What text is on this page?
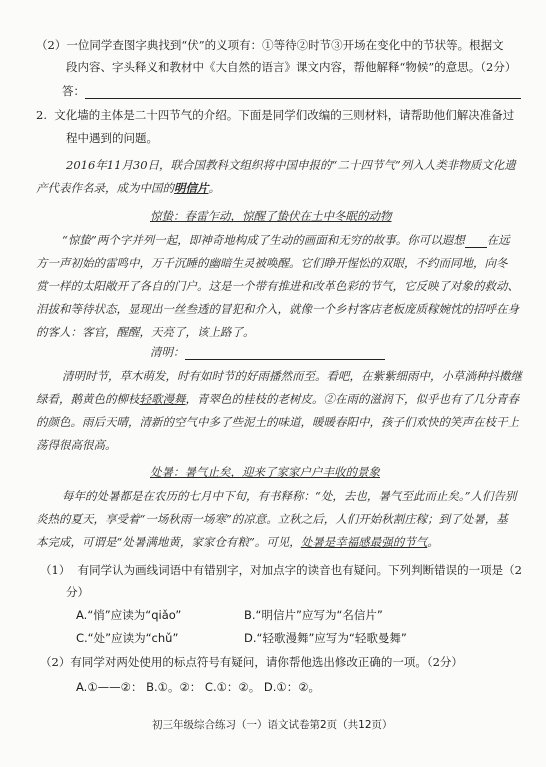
（2）一位同学查图字典找到“伏”的义项有：①等待②时节③开场在变化中的节状等。根据文
段内容、字头释义和教材中《大自然的语言》课文内容，帮他解释“物候”的意思。（2分）
答：
2. 文化墙的主体是二十四节气的介绍。下面是同学们改编的三则材料，请帮助他们解决准备过
程中遇到的问题。
2016年11月30日，联合国教科文组织将中国申报的“二十四节气”列入人类非物质文化遗
产代表作名录，成为中国的明信片。
惊蛰：春雷乍动，惊醒了蛰伏在土中冬眠的动物
“惊蛰”两个字并列一起，即神奇地构成了生动的画面和无穷的故事。你可以遐想 在远
方一声初始的雷鸣中，万千沉睡的幽暗生灵被唤醒。它们睁开惺忪的双眼，不约而同地，向冬
赏一样的太阳敞开了各自的门户。这是一个带有推进和改革色彩的节气，它反映了对象的救动、
泪拔和等待状态，显现出一丝叁透的冒犯和介入，就像一个乡村客店老板庞质稼婉忱的招呼在身
的客人：客官，醒醒，天亮了，该上路了。
清明：
清明时节，草木萌发，时有如时节的好雨播然而至。看吧，在紫紫细雨中，小草淌种抖擞继
绿看，鹅黄色的柳枝轻歌漫舞，青翠色的桂枝的老树皮。②在雨的滋润下，似乎也有了几分青春
的颜色。雨后天晴，清新的空气中多了些泥土的味道，暖暖春阳中，孩子们欢快的笑声在枝干上
荡得很高很高。
处暑：暑气止矣，迎来了家家户户丰收的景象
每年的处暑都是在农历的七月中下旬，有书释称：“处，去也，暑气至此而止矣。”人们告别
炎热的夏天，享受着“一场秋雨一场寒”的凉意。立秋之后，人们开始秋割庄稼；到了处暑，基
本完成，可谓是“处暑满地黄，家家仓有粮”。可见，处暑是幸福感最强的节气。
（1） 有同学认为画线词语中有错别字，对加点字的读音也有疑问。下列判断错误的一项是（2
分）
A.“悄”应读为“qiǎo”	B.“明信片”应写为“名信片”
C.“处”应读为“chǔ”	D.“轻歌漫舞”应写为“轻歌曼舞”
（2）有同学对两处使用的标点符号有疑问，请你帮他选出修改正确的一项。（2分）
A.①——②： B.①。②： C.①：②。 D.①：②。
初三年级综合练习（一）语文试卷第2页（共12页）
